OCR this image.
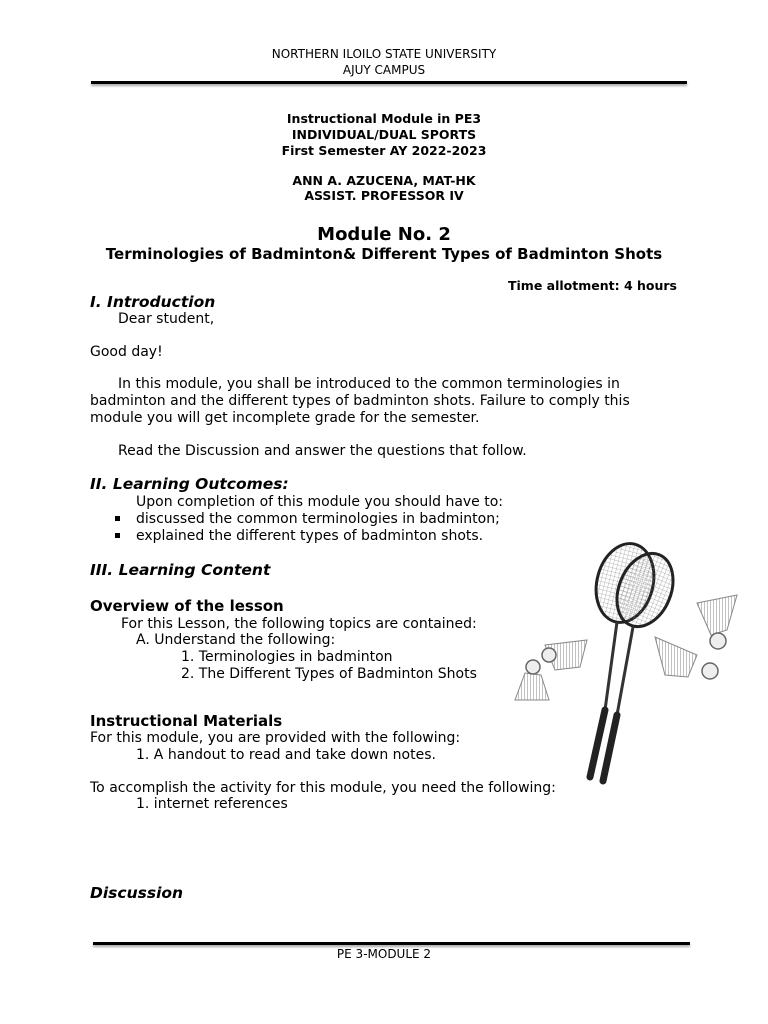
NORTHERN ILOILO STATE UNIVERSITY
AJUY CAMPUS
Instructional Module in PE3
INDIVIDUAL/DUAL SPORTS
First Semester AY 2022-2023
ANN A. AZUCENA, MAT-HK
ASSIST. PROFESSOR IV
Module No. 2
Terminologies of Badminton& Different Types of Badminton Shots
Time allotment: 4 hours
I. Introduction
Dear student,
Good day!
In this module, you shall be introduced to the common terminologies in
badminton and the different types of badminton shots. Failure to comply this
module you will get incomplete grade for the semester.
Read the Discussion and answer the questions that follow.
II. Learning Outcomes:
Upon completion of this module you should have to:
discussed the common terminologies in badminton;
explained the different types of badminton shots.
III. Learning Content
Overview of the lesson
For this Lesson, the following topics are contained:
A. Understand the following:
1. Terminologies in badminton
2. The Different Types of Badminton Shots
Instructional Materials
For this module, you are provided with the following:
1. A handout to read and take down notes.
To accomplish the activity for this module, you need the following:
1. internet references
Discussion
PE 3-MODULE 2
